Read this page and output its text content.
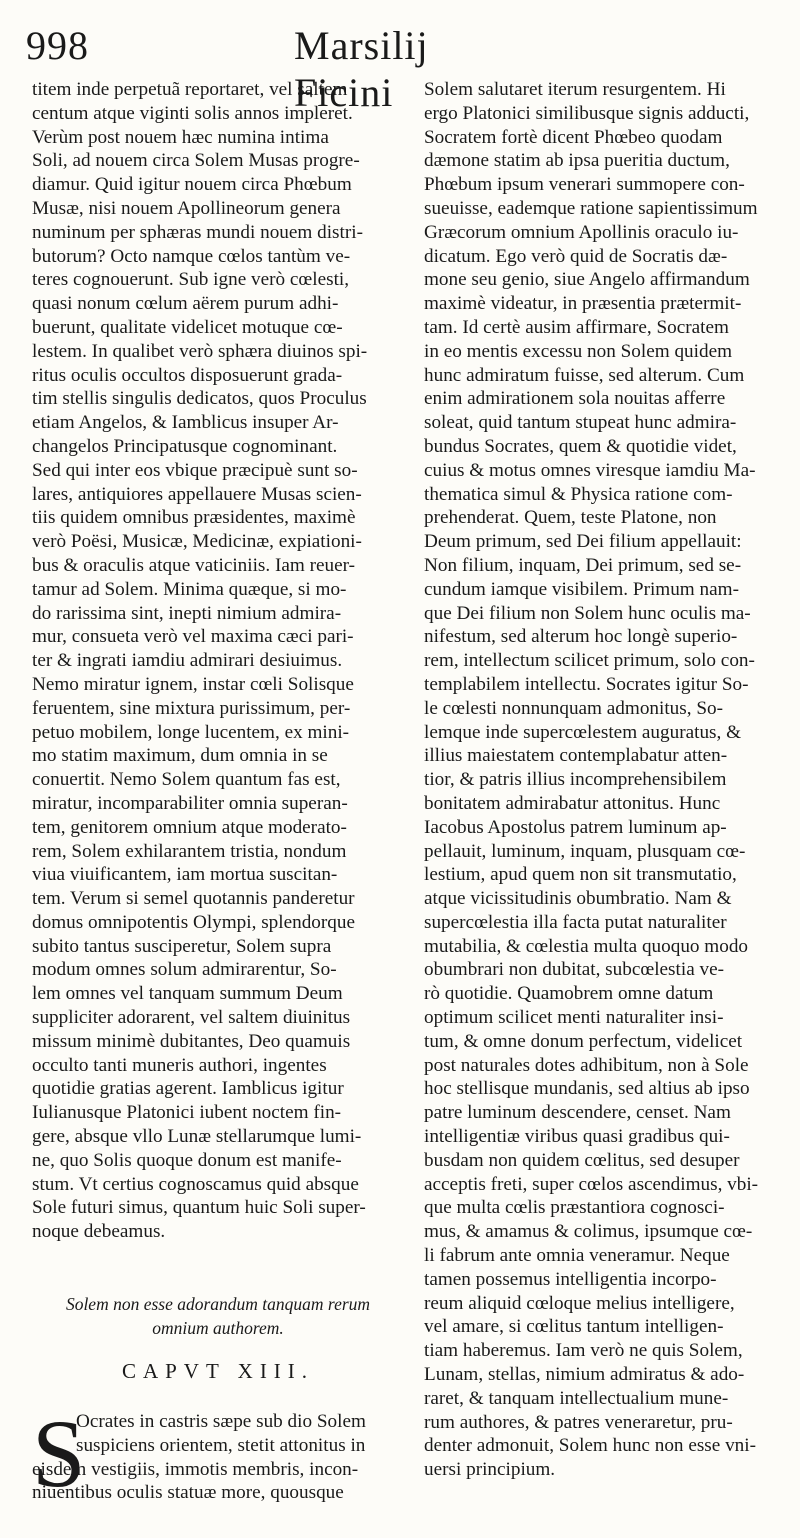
998	Marsilij Ficini
titem inde perpetuã reportaret, vel saltem
centum atque viginti solis annos impleret.
Verùm post nouem hæc numina intima
Soli, ad nouem circa Solem Musas progre-
diamur. Quid igitur nouem circa Phœbum
Musæ, nisi nouem Apollineorum genera
numinum per sphæras mundi nouem distri-
butorum? Octo namque cœlos tantùm ve-
teres cognouerunt. Sub igne verò cœlesti,
quasi nonum cœlum aërem purum adhi-
buerunt, qualitate videlicet motuque cœ-
lestem. In qualibet verò sphæra diuinos spi-
ritus oculis occultos disposuerunt grada-
tim stellis singulis dedicatos, quos Proculus
etiam Angelos, & Iamblicus insuper Ar-
changelos Principatusque cognominant.
Sed qui inter eos vbique præcipuè sunt so-
lares, antiquiores appellauere Musas scien-
tiis quidem omnibus præsidentes, maximè
verò Poësi, Musicæ, Medicinæ, expiationi-
bus & oraculis atque vaticiniis. Iam reuer-
tamur ad Solem. Minima quæque, si mo-
do rarissima sint, inepti nimium admira-
mur, consueta verò vel maxima cæci pari-
ter & ingrati iamdiu admirari desiuimus.
Nemo miratur ignem, instar cœli Solisque
feruentem, sine mixtura purissimum, per-
petuo mobilem, longe lucentem, ex mini-
mo statim maximum, dum omnia in se
conuertit. Nemo Solem quantum fas est,
miratur, incomparabiliter omnia superan-
tem, genitorem omnium atque moderato-
rem, Solem exhilarantem tristia, nondum
viua viuificantem, iam mortua suscitan-
tem. Verum si semel quotannis panderetur
domus omnipotentis Olympi, splendorque
subito tantus susciperetur, Solem supra
modum omnes solum admirarentur, So-
lem omnes vel tanquam summum Deum
suppliciter adorarent, vel saltem diuinitus
missum minimè dubitantes, Deo quamuis
occulto tanti muneris authori, ingentes
quotidie gratias agerent. Iamblicus igitur
Iulianusque Platonici iubent noctem fin-
gere, absque vllo Lunæ stellarumque lumi-
ne, quo Solis quoque donum est manife-
stum. Vt certius cognoscamus quid absque
Sole futuri simus, quantum huic Soli super-
noque debeamus.
Solem non esse adorandum tanquam rerum
omnium authorem.
CAPVT XIII.
S
Ocrates in castris sæpe sub dio Solem
suspiciens orientem, stetit attonitus in
eisdem vestigiis, immotis membris, incon-
niuentibus oculis statuæ more, quousque
Solem salutaret iterum resurgentem. Hi
ergo Platonici similibusque signis adducti,
Socratem fortè dicent Phœbeo quodam
dæmone statim ab ipsa pueritia ductum,
Phœbum ipsum venerari summopere con-
sueuisse, eademque ratione sapientissimum
Græcorum omnium Apollinis oraculo iu-
dicatum. Ego verò quid de Socratis dæ-
mone seu genio, siue Angelo affirmandum
maximè videatur, in præsentia prætermit-
tam. Id certè ausim affirmare, Socratem
in eo mentis excessu non Solem quidem
hunc admiratum fuisse, sed alterum. Cum
enim admirationem sola nouitas afferre
soleat, quid tantum stupeat hunc admira-
bundus Socrates, quem & quotidie videt,
cuius & motus omnes viresque iamdiu Ma-
thematica simul & Physica ratione com-
prehenderat. Quem, teste Platone, non
Deum primum, sed Dei filium appellauit:
Non filium, inquam, Dei primum, sed se-
cundum iamque visibilem. Primum nam-
que Dei filium non Solem hunc oculis ma-
nifestum, sed alterum hoc longè superio-
rem, intellectum scilicet primum, solo con-
templabilem intellectu. Socrates igitur So-
le cœlesti nonnunquam admonitus, So-
lemque inde supercœlestem auguratus, &
illius maiestatem contemplabatur atten-
tior, & patris illius incomprehensibilem
bonitatem admirabatur attonitus. Hunc
Iacobus Apostolus patrem luminum ap-
pellauit, luminum, inquam, plusquam cœ-
lestium, apud quem non sit transmutatio,
atque vicissitudinis obumbratio. Nam &
supercœlestia illa facta putat naturaliter
mutabilia, & cœlestia multa quoquo modo
obumbrari non dubitat, subcœlestia ve-
rò quotidie. Quamobrem omne datum
optimum scilicet menti naturaliter insi-
tum, & omne donum perfectum, videlicet
post naturales dotes adhibitum, non à Sole
hoc stellisque mundanis, sed altius ab ipso
patre luminum descendere, censet. Nam
intelligentiæ viribus quasi gradibus qui-
busdam non quidem cœlitus, sed desuper
acceptis freti, super cœlos ascendimus, vbi-
que multa cœlis præstantiora cognosci-
mus, & amamus & colimus, ipsumque cœ-
li fabrum ante omnia veneramur. Neque
tamen possemus intelligentia incorpo-
reum aliquid cœloque melius intelligere,
vel amare, si cœlitus tantum intelligen-
tiam haberemus. Iam verò ne quis Solem,
Lunam, stellas, nimium admiratus & ado-
raret, & tanquam intellectualium mune-
rum authores, & patres veneraretur, pru-
denter admonuit, Solem hunc non esse vni-
uersi principium.
